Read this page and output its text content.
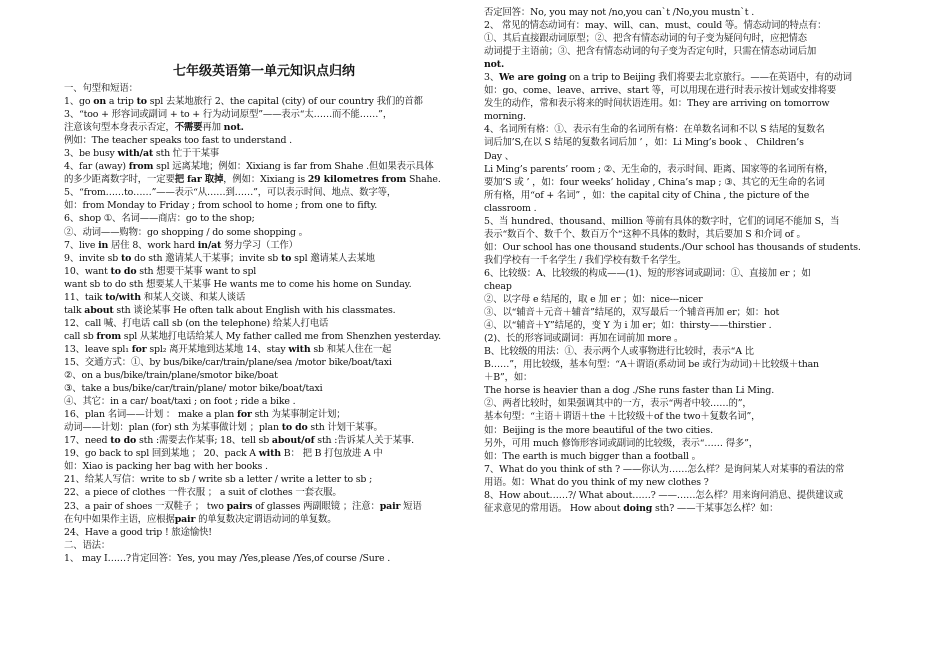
七年级英语第一单元知识点归纳
一、句型和短语：
1、go on a trip to spl 去某地旅行 2、the capital (city) of our country 我们的首都
3、“too + 形容词或副词 + to + 行为动词原型”——表示“太……而不能……”，
注意该句型本身表示否定，不需要再加 not.
例如：The teacher speaks too fast to understand .
3、be busy with/at sth 忙于干某事
4、far (away) from spl 远离某地；例如：Xixiang is far from Shahe .但如果表示具体
的多少距离数字时，一定要把 far 取掉，例如：Xixiang is 29 kilometres from Shahe.
5、“from……to……”——表示“从……到……”，可以表示时间、地点、数字等，
如：from Monday to Friday ; from school to home ; from one to fifty.
6、shop ①、名词——商店：go to the shop;
②、动词——购物：go shopping / do some shopping 。
7、live in 居住 8、work hard in/at 努力学习（工作）
9、invite sb to do sth 邀请某人干某事；invite sb to spl 邀请某人去某地
10、want to do sth 想要干某事 want to spl
want sb to do sth 想要某人干某事 He wants me to come his home on Sunday.
11、taik to/with 和某人交谈、和某人谈话
talk about sth 谈论某事 He often talk about English with his classmates.
12、call 喊、打电话 call sb (on the telephone) 给某人打电话
call sb from spl 从某地打电话给某人 My father called me from Shenzhen yesterday.
13、leave spl₁ for spl₂ 离开某地到达某地 14、stay with sb 和某人住在一起
15、交通方式：①、by bus/bike/car/train/plane/sea /motor bike/boat/taxi
②、on a bus/bike/train/plane/smotor bike/boat
③、take a bus/bike/car/train/plane/ motor bike/boat/taxi
④、其它：in a car/ boat/taxi ; on foot ; ride a bike .
16、plan 名词——计划 ： make a plan for sth 为某事制定计划；
动词——计划：plan (for) sth 为某事做计划 ；plan to do sth 计划干某事。
17、need to do sth :需要去作某事; 18、tell sb about/of sth :告诉某人关于某事.
19、go back to spl 回到某地 ； 20、pack A with B： 把 B 打包放进 A 中
如：Xiao is packing her bag with her books .
21、给某人写信：write to sb / write sb a letter / write a letter to sb ;
22、a piece of clothes 一件衣服 ； a suit of clothes 一套衣服。
23、a pair of shoes 一双鞋子 ； two pairs of glasses 两副眼镜 ；注意：pair 短语
在句中如果作主语，应根据pair 的单复数决定谓语动词的单复数。
24、Have a good trip ! 旅途愉快!
二、语法：
1、 may I……?肯定回答：Yes, you may /Yes,please /Yes,of course /Sure .
否定回答：No, you may not /no,you can`t /No,you mustn`t .
2、 常见的情态动词有：may、will、can、must、could 等。情态动词的特点有：
①、其后直接跟动词原型；②、把含有情态动词的句子变为疑问句时，应把情态
动词提于主语前；③、把含有情态动词的句子变为否定句时，只需在情态动词后加
not.
3、We are going on a trip to Beijing 我们将要去北京旅行。——在英语中，有的动词
如：go、come、leave、arrive、start 等，可以用现在进行时表示按计划或安排将要
发生的动作，常和表示将来的时间状语连用。如：They are arriving on tomorrow
morning.
4、名词所有格：①、表示有生命的名词所有格：在单数名词和不以 S 结尾的复数名
词后加’S,在以 S 结尾的复数名词后加 ’ ，如：Li Ming’s book 、 Children’s
Day 、
Li Ming’s parents’ room ; ②、无生命的，表示时间、距离、国家等的名词所有格，
要加’S 或 ’ ，如：four weeks’ holiday , China’s map ; ③、其它的无生命的名词
所有格，用“of + 名词” ，如：the capital city of China , the picture of the
classroom .
5、当 hundred、thousand、million 等前有具体的数字时，它们的词尾不能加 S，当
表示“数百个、数千个、数百万个“这种不具体的数时，其后要加 S 和介词 of 。
如：Our school has one thousand students./Our school has thousands of students.
我们学校有一千名学生 / 我们学校有数千名学生。
6、比较级：A、比较级的构成——(1)、短的形容词或副词：①、直接加 er ；如
cheap
②、以字母 e 结尾的，取 e 加 er ；如：nice---nicer
③、以“辅音＋元音＋辅音”结尾的，双写最后一个辅音再加 er；如：hot
④、以“辅音＋Y”结尾的，变 Y 为 i 加 er；如：thirsty——thirstier .
(2)、长的形容词或副词：再加在词前加 more 。
B、比较级的用法：①、表示两个人或事物进行比较时，表示“A 比
B……”，用比较级，基本句型：“A＋谓语(系动词 be 或行为动词)＋比较级＋than
＋B”，如：
The horse is heavier than a dog ./She runs faster than Li Ming.
②、两者比较时，如果强调其中的一方，表示“两者中较……的”，
基本句型：“主语＋谓语＋the ＋比较级＋of the two＋复数名词”，
如：Beijing is the more beautiful of the two cities.
另外，可用 much 修饰形容词或副词的比较级，表示“…… 得多”，
如：The earth is much bigger than a football 。
7、What do you think of sth ? ——你认为……怎么样？是询问某人对某事的看法的常
用语。如：What do you think of my new clothes ?
8、How about……?/ What about……? ——……怎么样？用来询问消息、提供建议或
征求意见的常用语。 How about doing sth? ——干某事怎么样？如：
